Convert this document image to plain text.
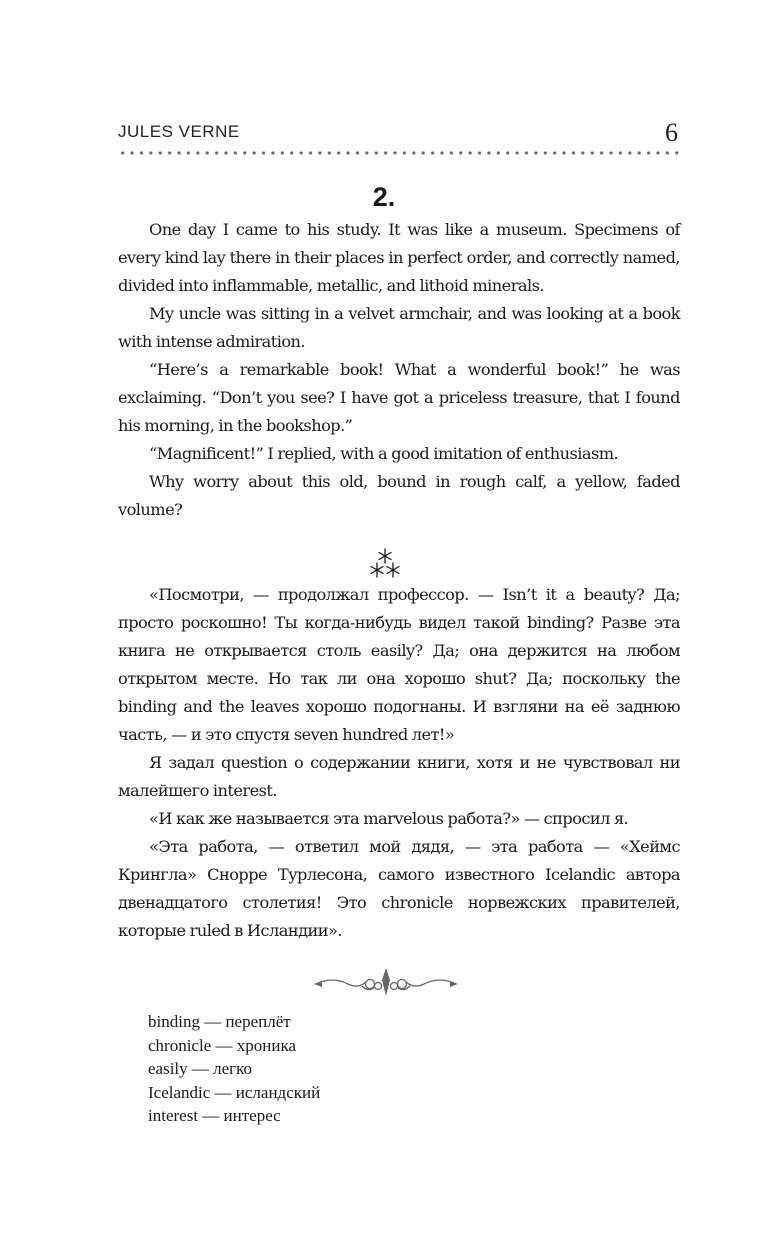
JULES VERNE	6
2.

One day I came to his study. It was like a museum. Specimens of every kind lay there in their places in perfect order, and correctly named, divided into inflammable, metallic, and lithoid minerals.

My uncle was sitting in a velvet armchair, and was looking at a book with intense admiration.

“Here’s a remarkable book! What a wonderful book!” he was exclaiming. “Don’t you see? I have got a priceless treasure, that I found his morning, in the bookshop.”

“Magnificent!” I replied, with a good imitation of enthusiasm.

Why worry about this old, bound in rough calf, a yellow, faded volume?

«Посмотри, — продолжал профессор. — Isn’t it a beauty? Да; просто роскошно! Ты когда-нибудь видел такой binding? Разве эта книга не открывается столь easily? Да; она держится на любом открытом месте. Но так ли она хорошо shut? Да; поскольку the binding and the leaves хорошо подогнаны. И взгляни на её заднюю часть, — и это спустя seven hundred лет!»

Я задал question о содержании книги, хотя и не чувствовал ни малейшего interest.

«И как же называется эта marvelous работа?» — спросил я.

«Эта работа, — ответил мой дядя, — эта работа — «Хеймс Крингла» Снорре Турлесона, самого известного Icelandic автора двенадцатого столетия! Это chronicle норвежских правителей, которые ruled в Исландии».

binding — переплёт
chronicle — хроника
easily — легко
Icelandic — исландский
interest — интерес
